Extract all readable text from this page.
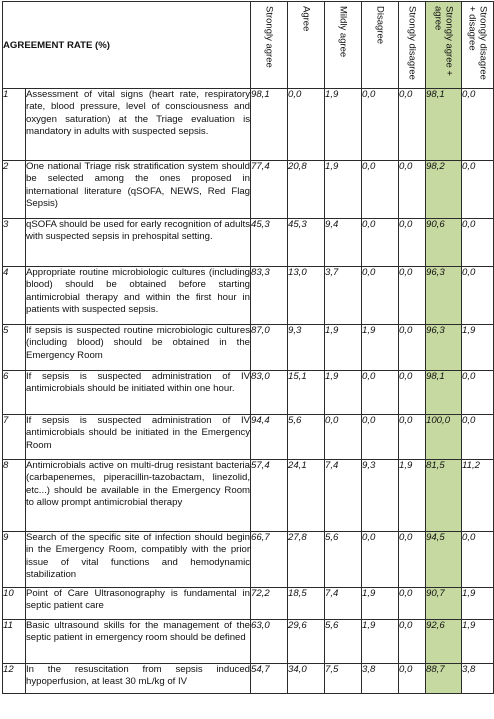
AGREEMENT RATE (%)		Strongly agree	Agree	Mildly agree	Disagree	Strongly disagree	Strongly agree + agree	Strongly disagree + disagree

1	Assessment of vital signs (heart rate, respiratory rate, blood pressure, level of consciousness and oxygen saturation) at the Triage evaluation is mandatory in adults with suspected sepsis.	98,1	0,0	1,9	0,0	0,0	98,1	0,0
2	One national Triage risk stratification system should be selected among the ones proposed in international literature (qSOFA, NEWS, Red Flag Sepsis)	77,4	20,8	1,9	0,0	0,0	98,2	0,0
3	qSOFA should be used for early recognition of adults with suspected sepsis in prehospital setting.	45,3	45,3	9,4	0,0	0,0	90,6	0,0
4	Appropriate routine microbiologic cultures (including blood) should be obtained before starting antimicrobial therapy and within the first hour in patients with suspected sepsis.	83,3	13,0	3,7	0,0	0,0	96,3	0,0
5	If sepsis is suspected routine microbiologic cultures (including blood) should be obtained in the Emergency Room	87,0	9,3	1,9	1,9	0,0	96,3	1,9
6	If sepsis is suspected administration of IV antimicrobials should be initiated within one hour.	83,0	15,1	1,9	0,0	0,0	98,1	0,0
7	If sepsis is suspected administration of IV antimicrobials should be initiated in the Emergency Room	94,4	5,6	0,0	0,0	0,0	100,0	0,0
8	Antimicrobials active on multi-drug resistant bacteria (carbapenemes, piperacillin-tazobactam, linezolid, etc...) should be available in the Emergency Room to allow prompt antimicrobial therapy	57,4	24,1	7,4	9,3	1,9	81,5	11,2
9	Search of the specific site of infection should begin in the Emergency Room, compatibly with the prior issue of vital functions and hemodynamic stabilization	66,7	27,8	5,6	0,0	0,0	94,5	0,0
10	Point of Care Ultrasonography is fundamental in septic patient care	72,2	18,5	7,4	1,9	0,0	90,7	1,9
11	Basic ultrasound skills for the management of the septic patient in emergency room should be defined	63,0	29,6	5,6	1,9	0,0	92,6	1,9
12	In the resuscitation from sepsis induced hypoperfusion, at least 30 mL/kg of IV	54,7	34,0	7,5	3,8	0,0	88,7	3,8
